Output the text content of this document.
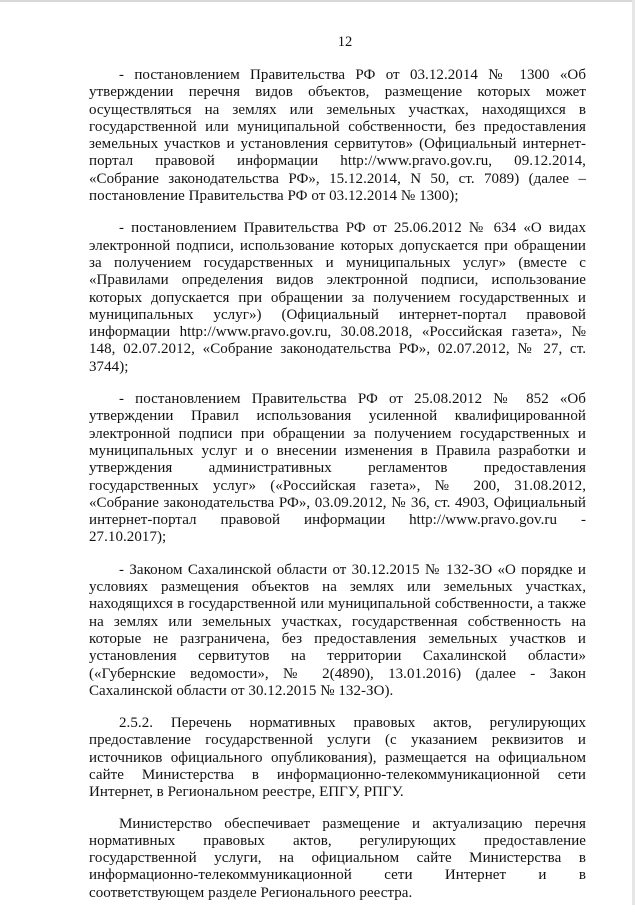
12

- постановлением Правительства РФ от 03.12.2014 № 1300 «Об утверждении перечня видов объектов, размещение которых может осуществляться на землях или земельных участках, находящихся в государственной или муниципальной собственности, без предоставления земельных участков и установления сервитутов» (Официальный интернет-портал правовой информации http://www.pravo.gov.ru, 09.12.2014, «Собрание законодательства РФ», 15.12.2014, N 50, ст. 7089) (далее – постановление Правительства РФ от 03.12.2014 № 1300);

- постановлением Правительства РФ от 25.06.2012 № 634 «О видах электронной подписи, использование которых допускается при обращении за получением государственных и муниципальных услуг» (вместе с «Правилами определения видов электронной подписи, использование которых допускается при обращении за получением государственных и муниципальных услуг») (Официальный интернет-портал правовой информации http://www.pravo.gov.ru, 30.08.2018, «Российская газета», № 148, 02.07.2012, «Собрание законодательства РФ», 02.07.2012, № 27, ст. 3744);

- постановлением Правительства РФ от 25.08.2012 № 852 «Об утверждении Правил использования усиленной квалифицированной электронной подписи при обращении за получением государственных и муниципальных услуг и о внесении изменения в Правила разработки и утверждения административных регламентов предоставления государственных услуг» («Российская газета», № 200, 31.08.2012, «Собрание законодательства РФ», 03.09.2012, № 36, ст. 4903, Официальный интернет-портал правовой информации http://www.pravo.gov.ru - 27.10.2017);

- Законом Сахалинской области от 30.12.2015 № 132-ЗО «О порядке и условиях размещения объектов на землях или земельных участках, находящихся в государственной или муниципальной собственности, а также на землях или земельных участках, государственная собственность на которые не разграничена, без предоставления земельных участков и установления сервитутов на территории Сахалинской области» («Губернские ведомости», № 2(4890), 13.01.2016) (далее - Закон Сахалинской области от 30.12.2015 № 132-ЗО).

2.5.2. Перечень нормативных правовых актов, регулирующих предоставление государственной услуги (с указанием реквизитов и источников официального опубликования), размещается на официальном сайте Министерства в информационно-телекоммуникационной сети Интернет, в Региональном реестре, ЕПГУ, РПГУ.

Министерство обеспечивает размещение и актуализацию перечня нормативных правовых актов, регулирующих предоставление государственной услуги, на официальном сайте Министерства в информационно-телекоммуникационной сети Интернет и в соответствующем разделе Регионального реестра.
